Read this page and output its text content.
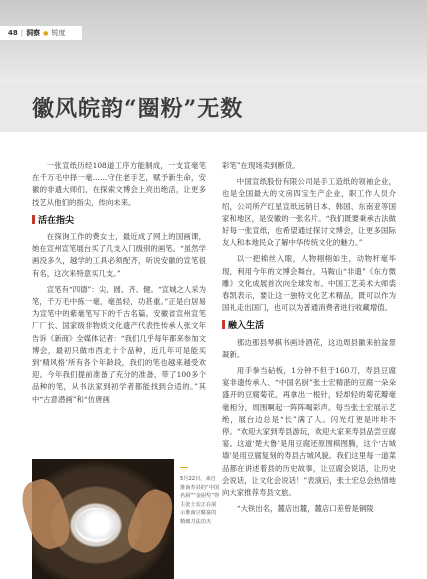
48 | 洞察 ● 锐度
徽风皖韵“圈粉”无数

一张宣纸历经108道工序方能制成，一支宣毫笔在千万毛中择一毫……守住老手艺，赋予新生命，安徽的非遗大师们，在探索文博会上亮出绝活，让更多技艺从他们的指尖，传向未来。

活在指尖

在探询工作的费女士，最近成了网上的国画课，她在宣州宣笔展台买了几支入门级别的画笔。“虽然学画没多久，越学的工具必须配齐，听说安徽的宣笔很有名，这次来特意买几支。”

宣笔有“四德”：尖、圆、齐、健。“宣城之人采为笔，千万毛中拣一毫，毫虽轻，功甚重。”正是白居易为宣笔中的紫毫笔写下的千古名篇。安徽省宣州宣笔厂厂长、国家级非物质文化遗产代表性传承人张文年告诉《新商》全媒体记者：“我们几乎每年都来参加文博会，最初只做市西北十个品种，近几年可是能买到‘精风格’所有各个年龄段，我们的笔也越来越受欢迎。今年我们提前准备了充分的准备，带了100多个品种的笔，从书法家到初学者都能找到合适的。”其中“古意潜画”和“仿唐画

彩笔”在现场卖到断货。

中国宣纸股份有限公司是手工造纸的领袖企业，也是全国最大的文房四宝生产企业，职工作人员介绍，公司所产红星宣纸远销日本、韩国、东南亚等国家和地区，是安徽的一张名片。“我们既要秉承古法做好每一张宣纸，也希望通过探讨文博会，让更多国际友人和本地民众了解中华传统文化的魅力。”

以一把棉丝入眼，人物栩栩如生，动物杆毫毕现，利用今年的文博会舞台，马鞍山“非遗”《东方微雕》文化成展首次向全球发布。中国工艺美术大师裘春凯表示，要让这一独特文化艺术精品，既可以作为国礼走出国门，也可以为普通消费者进行收藏增值。

融入生活

那边那县琴棋书画诗酒花，这边周县徽来拍盆景凝新。

用手拳当砧板，1分钟不但于160刀，寿县豆腐宴非遗传承人、“中国名厨”张士宏精湛的豆腐一朵朵盛开的豆腐菊花，再拿出一根针，轻却轻的菊花瓣毫毫相分，周围啊起一阵阵喝彩声。每当张士宏展示艺绝，展台边总是“长”满了人。闪光灯更是咔咔不停。“欢迎大家到寿县游玩，欢迎大家来寿县品尝豆腐宴。这道‘楚大鲁’是用豆腐还原围棋图腾，这个‘古城墙’是用豆腐复刻的寿县古城风貌。我们这里每一道菜品都在讲述着县的历史故事，让豆腐会说话，让历史会说话，让文化会说话！”表演后，张士宏总会热情地向大家推荐寿县文旅。

“大铁出名，麓店出麓，麓店口差曾是铜陵

5月22日，来自淮南寿县的“中国名厨”“金厨奖”得主张士宏正在展示淮南豆腐宴的精细刀法功夫
